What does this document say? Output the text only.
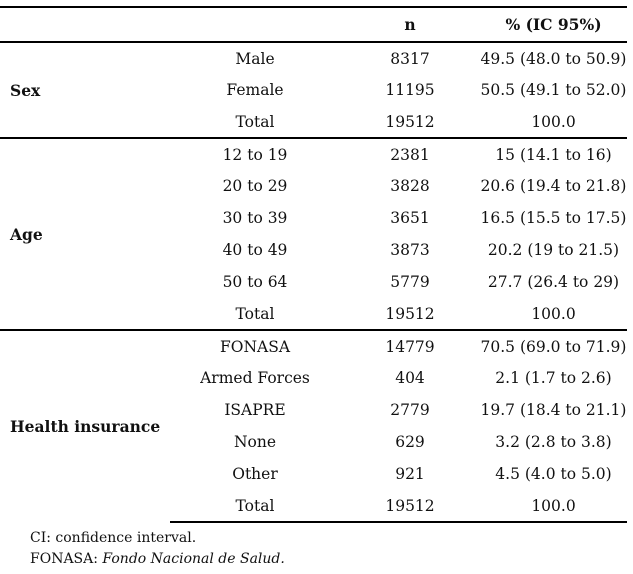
		n	% (IC 95%)
Sex	Male	8317	49.5 (48.0 to 50.9)
	Female	11195	50.5 (49.1 to 52.0)
	Total	19512	100.0
Age	12 to 19	2381	15 (14.1 to 16)
	20 to 29	3828	20.6 (19.4 to 21.8)
	30 to 39	3651	16.5 (15.5 to 17.5)
	40 to 49	3873	20.2 (19 to 21.5)
	50 to 64	5779	27.7 (26.4 to 29)
	Total	19512	100.0
Health insurance	FONASA	14779	70.5 (69.0 to 71.9)
	Armed Forces	404	2.1 (1.7 to 2.6)
	ISAPRE	2779	19.7 (18.4 to 21.1)
	None	629	3.2 (2.8 to 3.8)
	Other	921	4.5 (4.0 to 5.0)
	Total	19512	100.0
CI: confidence interval.
FONASA: Fondo Nacional de Salud.
